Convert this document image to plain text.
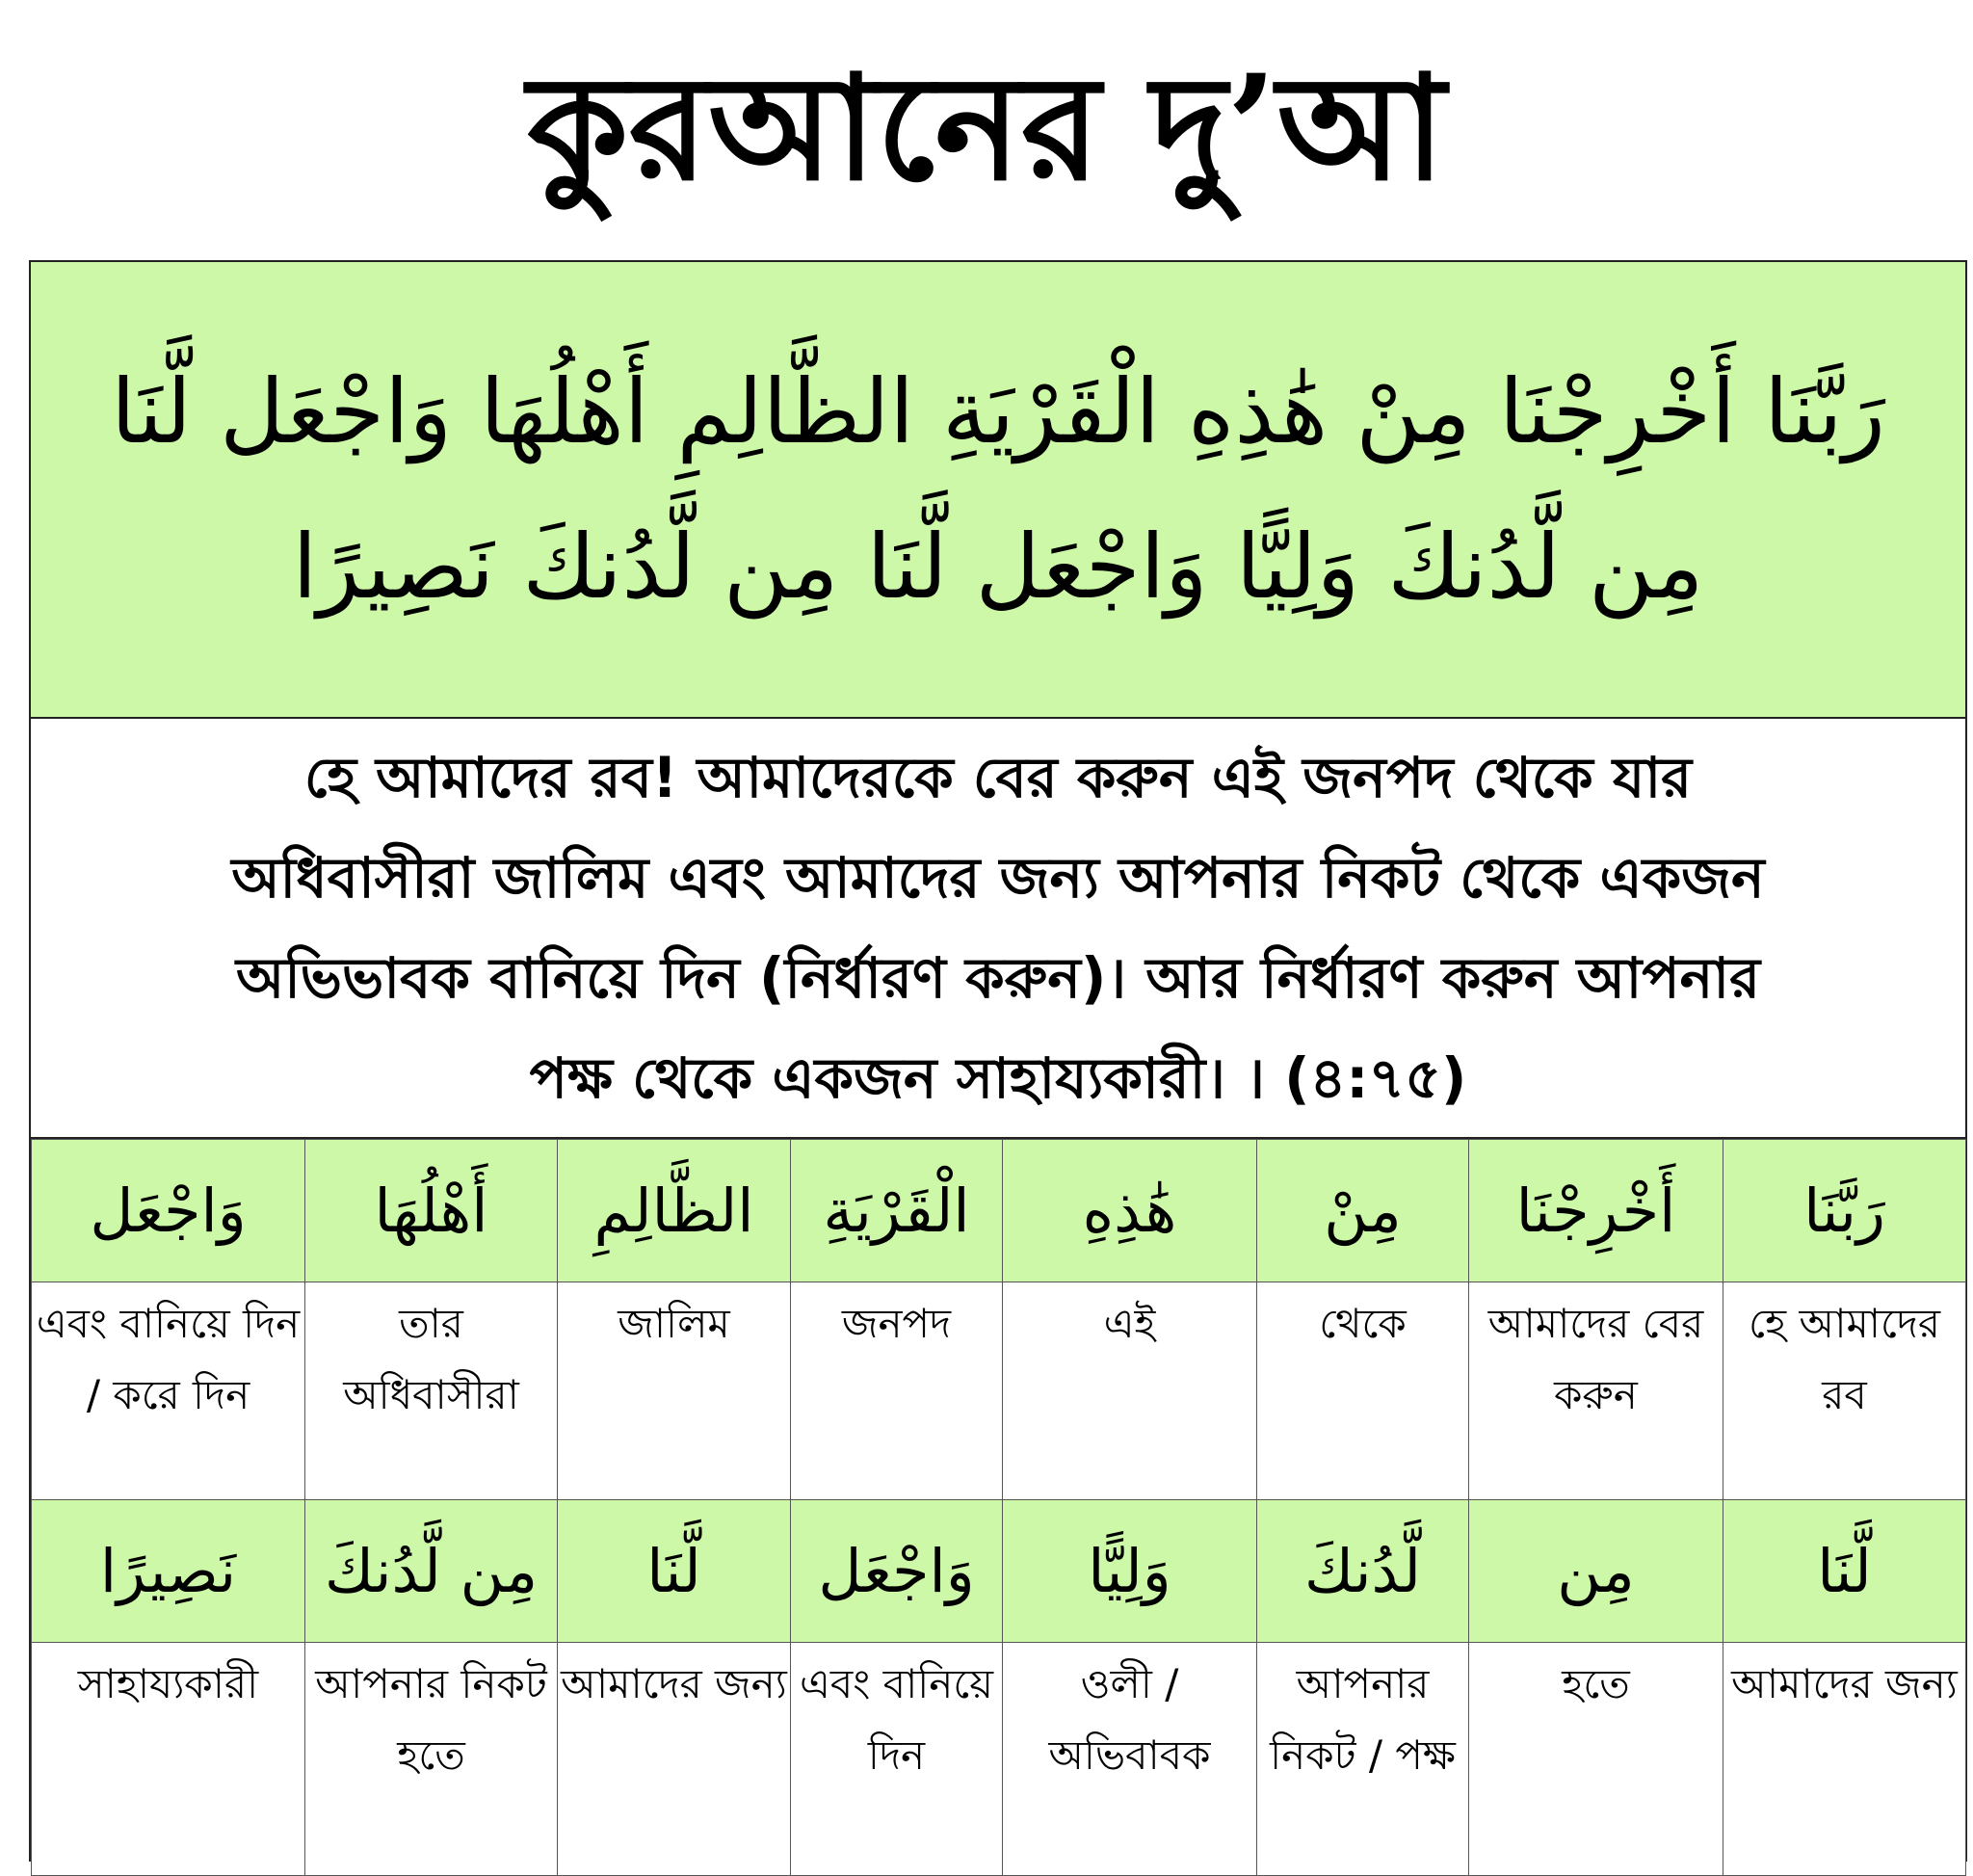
কুরআনের দু’আ
رَبَّنَا أَخْرِجْنَا مِنْ هَٰذِهِ الْقَرْيَةِ الظَّالِمِ أَهْلُهَا وَاجْعَل لَّنَا
مِن لَّدُنكَ وَلِيًّا وَاجْعَل لَّنَا مِن لَّدُنكَ نَصِيرًا
হে আমাদের রব! আমাদেরকে বের করুন এই জনপদ থেকে যার
অধিবাসীরা জালিম এবং আমাদের জন্য আপনার নিকট থেকে একজন
অভিভাবক বানিয়ে দিন (নির্ধারণ করুন)। আর নির্ধারণ করুন আপনার
পক্ষ থেকে একজন সাহায্যকারী। । (৪:৭৫)
وَاجْعَل	أَهْلُهَا	الظَّالِمِ	الْقَرْيَةِ	هَٰذِهِ	مِنْ	أَخْرِجْنَا	رَبَّنَا
এবং বানিয়ে দিন / করে দিন	তার অধিবাসীরা	জালিম	জনপদ	এই	থেকে	আমাদের বের করুন	হে আমাদের রব
نَصِيرًا	مِن لَّدُنكَ	لَّنَا	وَاجْعَل	وَلِيًّا	لَّدُنكَ	مِن	لَّنَا
সাহায্যকারী	আপনার নিকট হতে	আমাদের জন্য	এবং বানিয়ে দিন	ওলী / অভিবাবক	আপনার নিকট / পক্ষ	হতে	আমাদের জন্য
